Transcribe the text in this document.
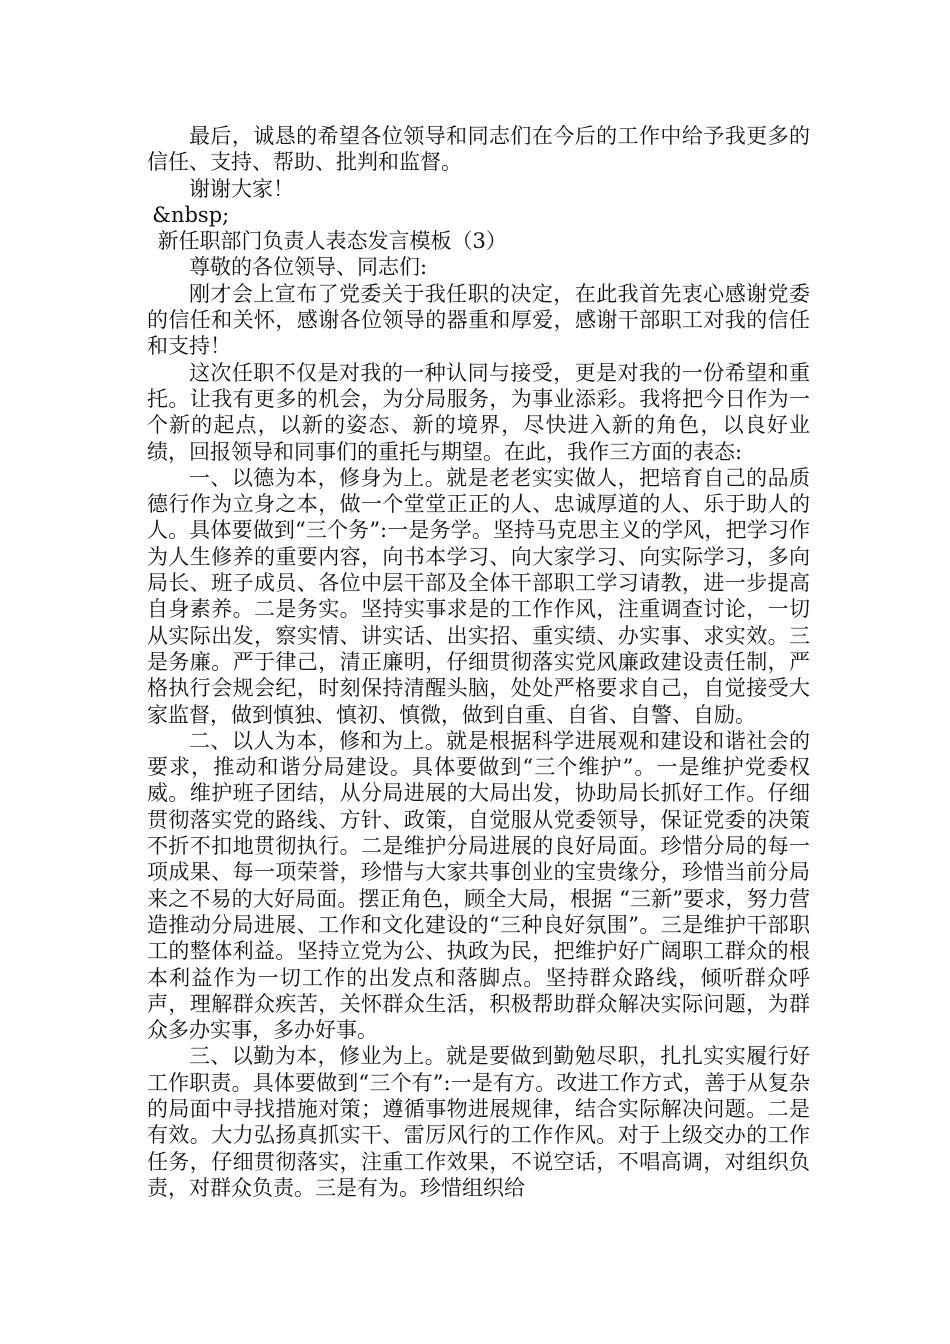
最后，诚恳的希望各位领导和同志们在今后的工作中给予我更多的信任、支持、帮助、批判和监督。

谢谢大家！

&nbsp;

新任职部门负责人表态发言模板（3）

尊敬的各位领导、同志们:

刚才会上宣布了党委关于我任职的决定，在此我首先衷心感谢党委的信任和关怀，感谢各位领导的器重和厚爱，感谢干部职工对我的信任和支持！

这次任职不仅是对我的一种认同与接受，更是对我的一份希望和重托。让我有更多的机会，为分局服务，为事业添彩。我将把今日作为一个新的起点，以新的姿态、新的境界，尽快进入新的角色，以良好业绩，回报领导和同事们的重托与期望。在此，我作三方面的表态:

一、以德为本，修身为上。就是老老实实做人，把培育自己的品质德行作为立身之本，做一个堂堂正正的人、忠诚厚道的人、乐于助人的人。具体要做到“三个务”:一是务学。坚持马克思主义的学风，把学习作为人生修养的重要内容，向书本学习、向大家学习、向实际学习，多向局长、班子成员、各位中层干部及全体干部职工学习请教，进一步提高自身素养。二是务实。坚持实事求是的工作作风，注重调查讨论，一切从实际出发，察实情、讲实话、出实招、重实绩、办实事、求实效。三是务廉。严于律己，清正廉明，仔细贯彻落实党风廉政建设责任制，严格执行会规会纪，时刻保持清醒头脑，处处严格要求自己，自觉接受大家监督，做到慎独、慎初、慎微，做到自重、自省、自警、自励。

二、以人为本，修和为上。就是根据科学进展观和建设和谐社会的要求，推动和谐分局建设。具体要做到“三个维护”。一是维护党委权威。维护班子团结，从分局进展的大局出发，协助局长抓好工作。仔细贯彻落实党的路线、方针、政策，自觉服从党委领导，保证党委的决策不折不扣地贯彻执行。二是维护分局进展的良好局面。珍惜分局的每一项成果、每一项荣誉，珍惜与大家共事创业的宝贵缘分，珍惜当前分局来之不易的大好局面。摆正角色，顾全大局，根据 “三新”要求，努力营造推动分局进展、工作和文化建设的“三种良好氛围”。三是维护干部职工的整体利益。坚持立党为公、执政为民，把维护好广阔职工群众的根本利益作为一切工作的出发点和落脚点。坚持群众路线，倾听群众呼声，理解群众疾苦，关怀群众生活，积极帮助群众解决实际问题，为群众多办实事，多办好事。

三、以勤为本，修业为上。就是要做到勤勉尽职，扎扎实实履行好工作职责。具体要做到“三个有”:一是有方。改进工作方式，善于从复杂的局面中寻找措施对策；遵循事物进展规律，结合实际解决问题。二是有效。大力弘扬真抓实干、雷厉风行的工作作风。对于上级交办的工作任务，仔细贯彻落实，注重工作效果，不说空话，不唱高调，对组织负责，对群众负责。三是有为。珍惜组织给
